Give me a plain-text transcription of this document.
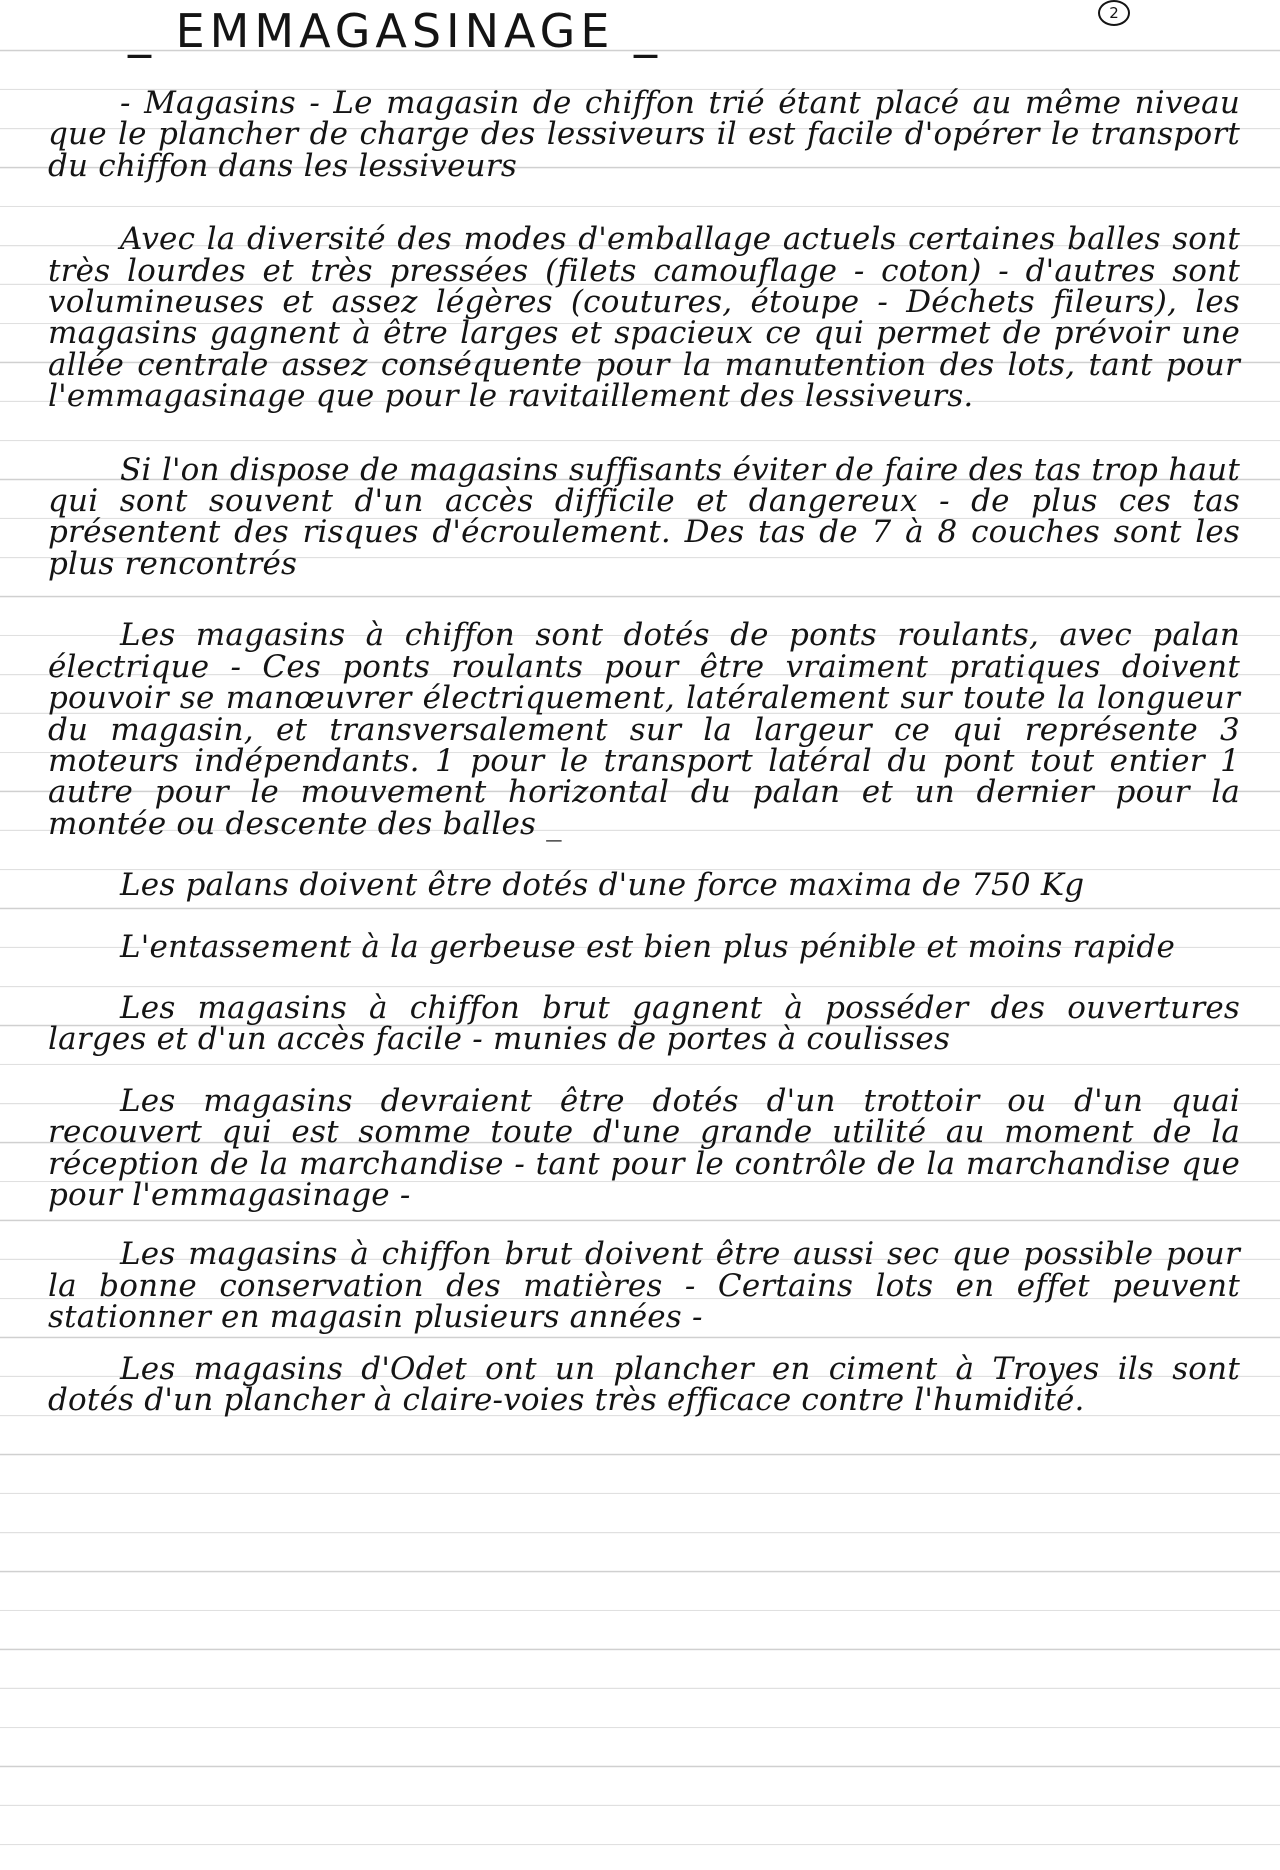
_ EMMAGASINAGE _	2

- Magasins - Le magasin de chiffon trié étant placé au même niveau que le plancher de charge des lessiveurs il est facile d'opérer le transport du chiffon dans les lessiveurs

Avec la diversité des modes d'emballage actuels certaines balles sont très lourdes et très pressées (filets camouflage - coton) - d'autres sont volumineuses et assez légères (coutures, étoupe - Déchets fileurs), les magasins gagnent à être larges et spacieux ce qui permet de prévoir une allée centrale assez conséquente pour la manutention des lots, tant pour l'emmagasinage que pour le ravitaillement des lessiveurs.

Si l'on dispose de magasins suffisants éviter de faire des tas trop haut qui sont souvent d'un accès difficile et dangereux - de plus ces tas présentent des risques d'écroulement. Des tas de 7 à 8 couches sont les plus rencontrés

Les magasins à chiffon sont dotés de ponts roulants, avec palan électrique - Ces ponts roulants pour être vraiment pratiques doivent pouvoir se manœuvrer électriquement, latéralement sur toute la longueur du magasin, et transversalement sur la largeur ce qui représente 3 moteurs indépendants. 1 pour le transport latéral du pont tout entier 1 autre pour le mouvement horizontal du palan et un dernier pour la montée ou descente des balles _

Les palans doivent être dotés d'une force maxima de 750 Kg

L'entassement à la gerbeuse est bien plus pénible et moins rapide

Les magasins à chiffon brut gagnent à posséder des ouvertures larges et d'un accès facile - munies de portes à coulisses

Les magasins devraient être dotés d'un trottoir ou d'un quai recouvert qui est somme toute d'une grande utilité au moment de la réception de la marchandise - tant pour le contrôle de la marchandise que pour l'emmagasinage -

Les magasins à chiffon brut doivent être aussi sec que possible pour la bonne conservation des matières - Certains lots en effet peuvent stationner en magasin plusieurs années -

Les magasins d'Odet ont un plancher en ciment à Troyes ils sont dotés d'un plancher à claire-voies très efficace contre l'humidité.
